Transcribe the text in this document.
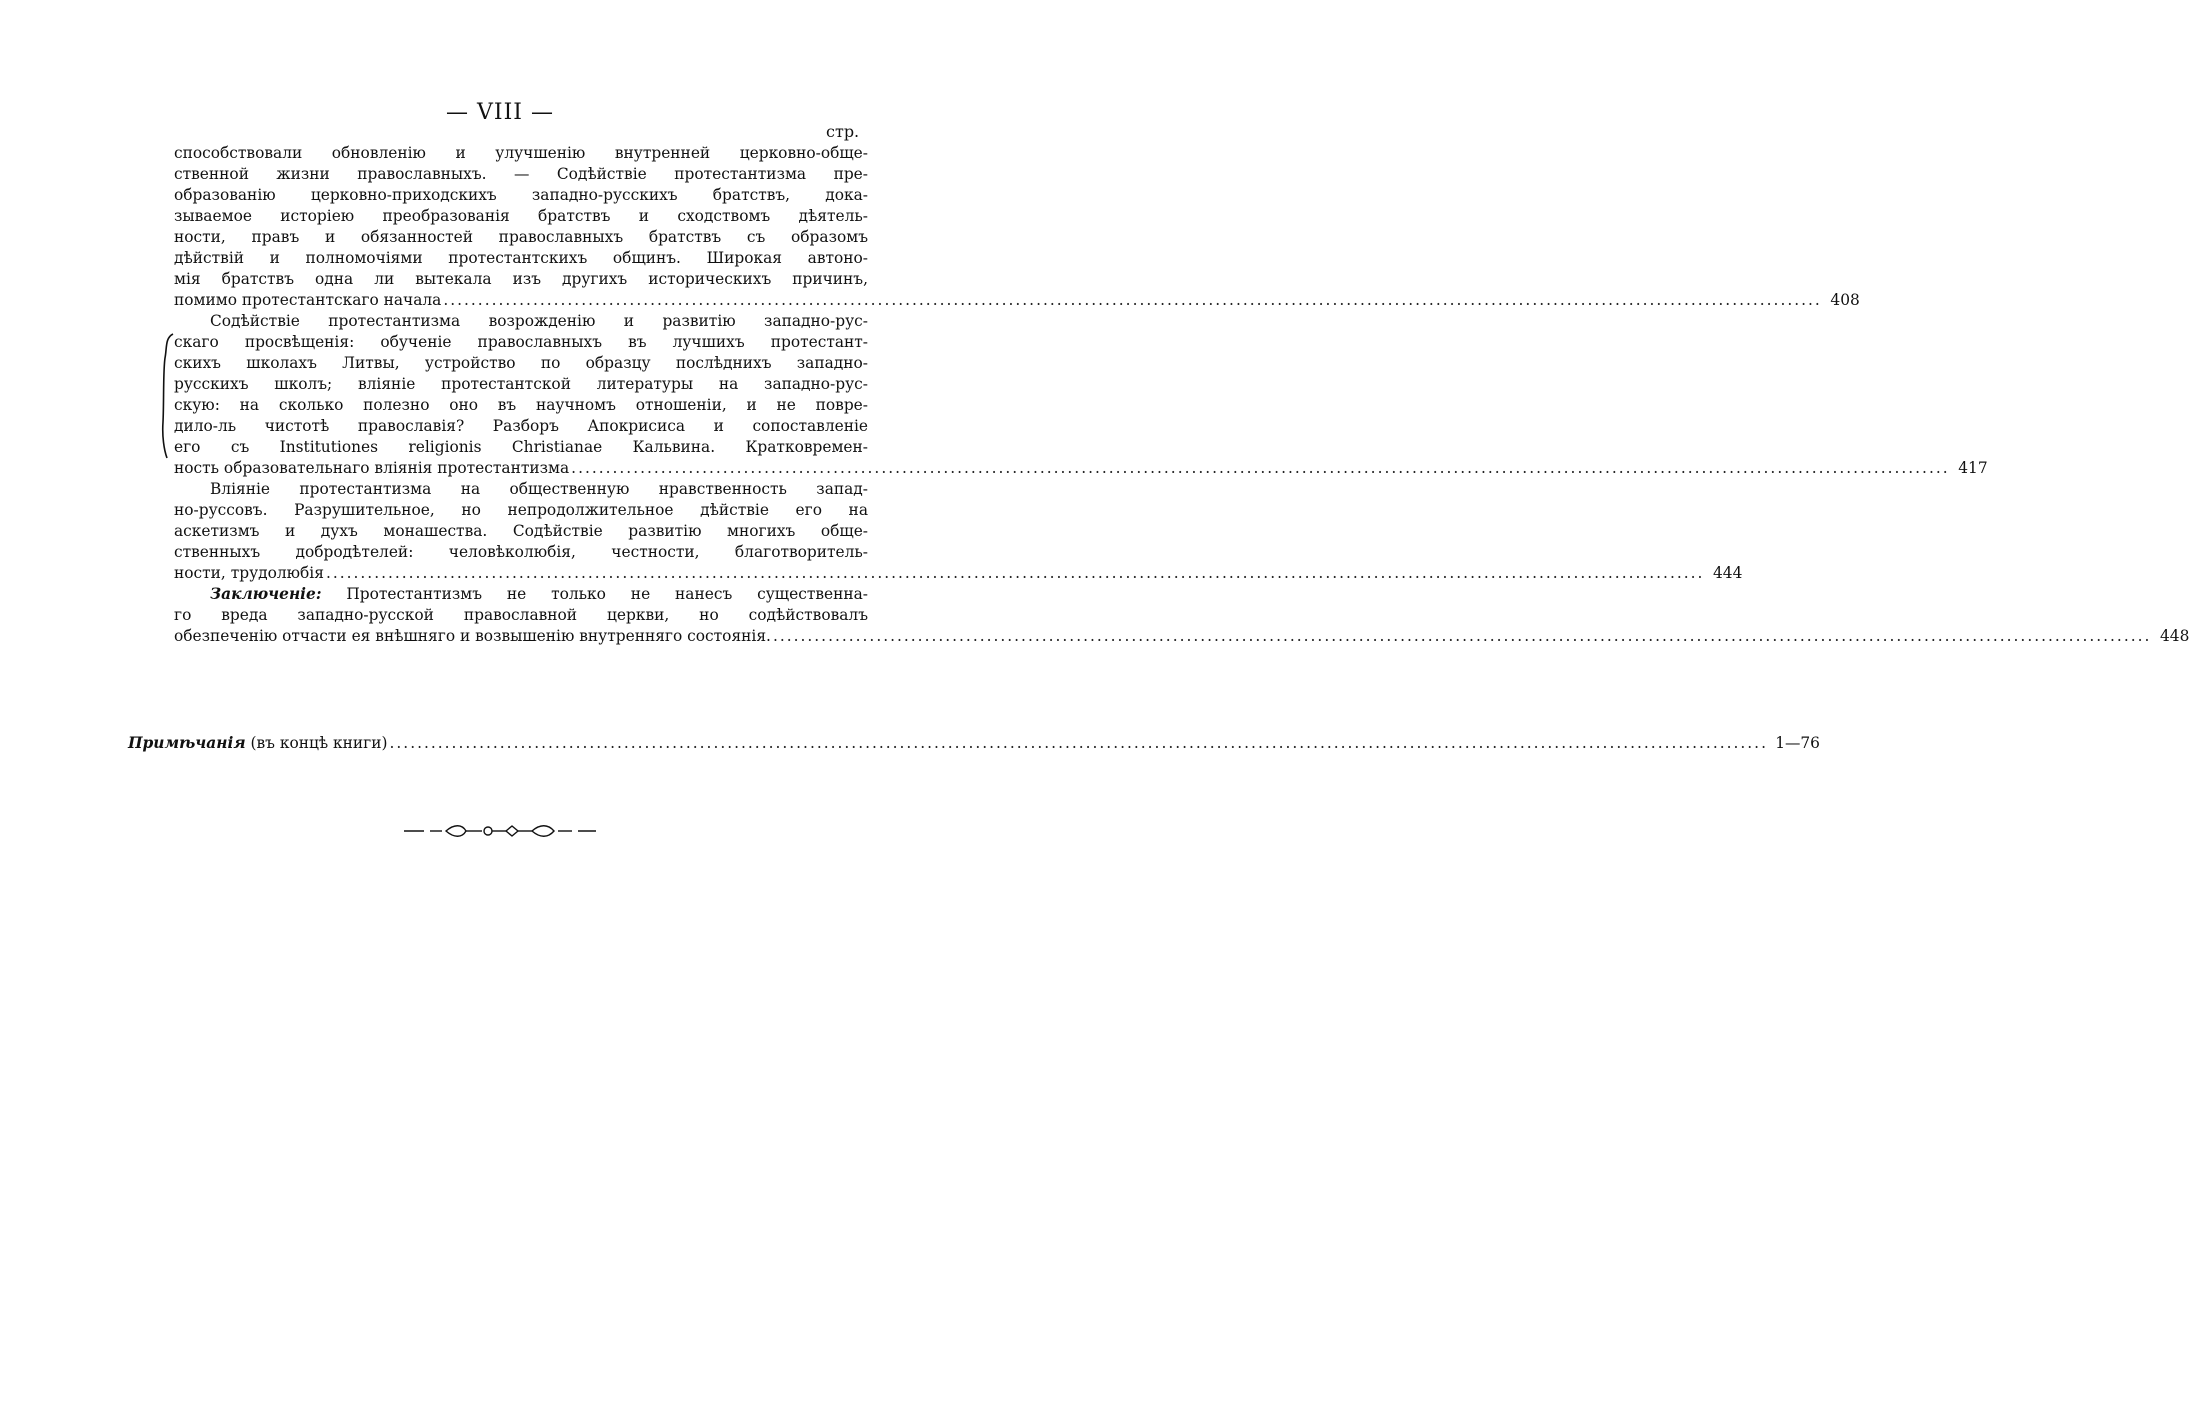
— VIII —
стр.
способствовали обновленію и улучшенію внутренней церковно-обще-
ственной жизни православныхъ. — Содѣйствіе протестантизма пре-
образованію церковно-приходскихъ западно-русскихъ братствъ, дока-
зываемое исторіею преобразованія братствъ и сходствомъ дѣятель-
ности, правъ и обязанностей православныхъ братствъ съ образомъ
дѣйствій и полномочіями протестантскихъ общинъ. Широкая автоно-
мія братствъ одна ли вытекала изъ другихъ историческихъ причинъ,
помимо протестантскаго начала ........................................................................................................................................................................................................ 408
Содѣйствіе протестантизма возрожденію и развитію западно-рус-
скаго просвѣщенія: обученіе православныхъ въ лучшихъ протестант-
скихъ школахъ Литвы, устройство по образцу послѣднихъ западно-
русскихъ школъ; вліяніе протестантской литературы на западно-рус-
скую: на сколько полезно оно въ научномъ отношеніи, и не повре-
дило-ль чистотѣ православія? Разборъ Апокрисиса и сопоставленіе
его съ Institutiones religionis Christianae Кальвина. Кратковремен-
ность образовательнаго вліянія протестантизма ........................................................................................................................................................................................................ 417
Вліяніе протестантизма на общественную нравственность запад-
но-руссовъ. Разрушительное, но непродолжительное дѣйствіе его на
аскетизмъ и духъ монашества. Содѣйствіе развитію многихъ обще-
ственныхъ добродѣтелей: человѣколюбія, честности, благотворитель-
ности, трудолюбія ........................................................................................................................................................................................................ 444
Заключеніе: Протестантизмъ не только не нанесъ существенна-
го вреда западно-русской православной церкви, но содѣйствовалъ
обезпеченію отчасти ея внѣшняго и возвышенію внутренняго состоянія. ........................................................................................................................................................................................................ 448
Примѣчанія (въ концѣ книги) ........................................................................................................................................................................................................ 1—76
